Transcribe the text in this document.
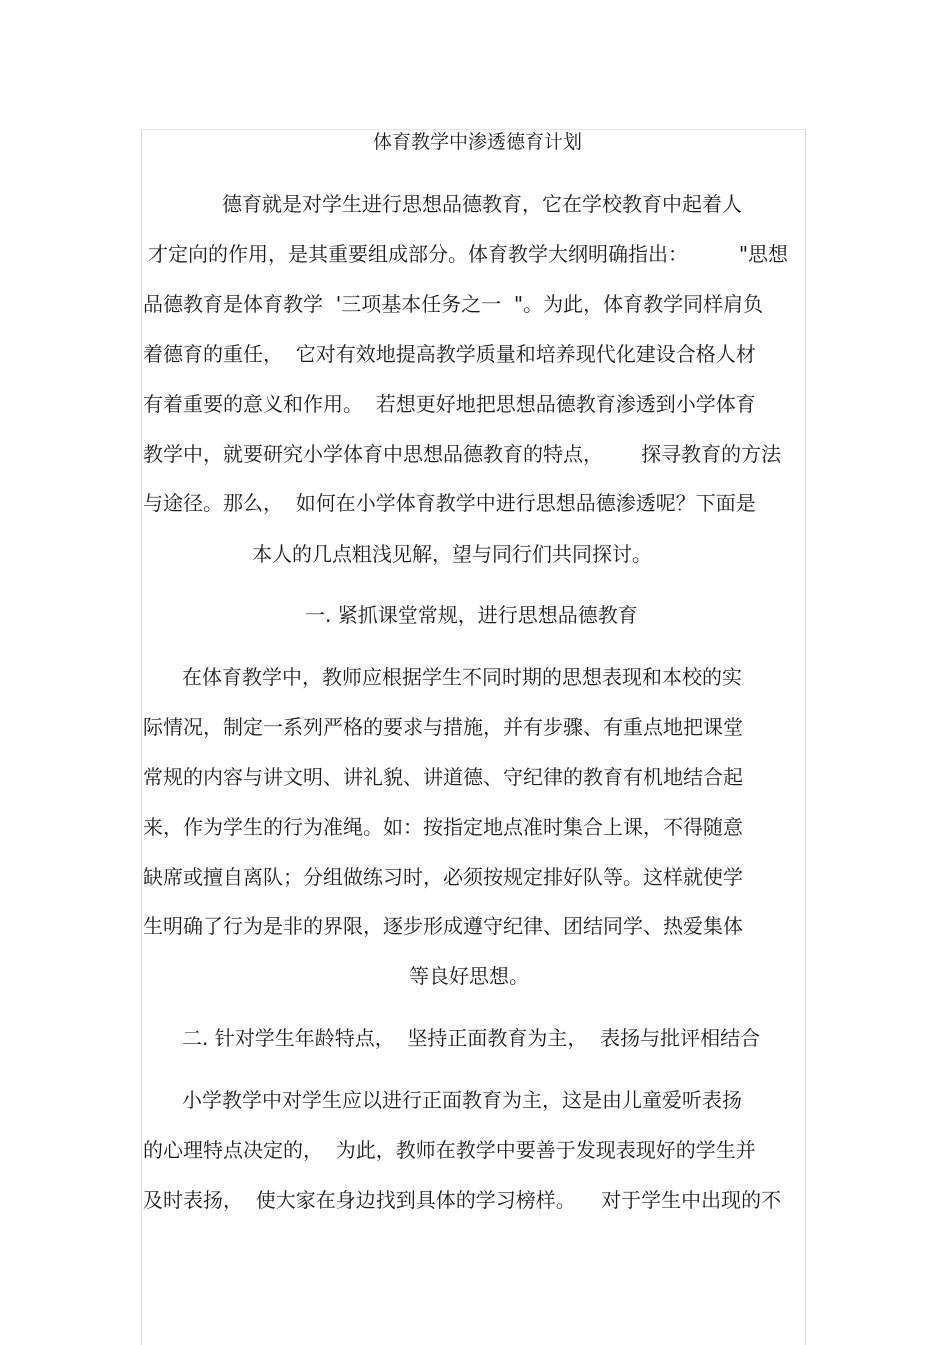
体育教学中渗透德育计划
德育就是对学生进行思想品德教育，它在学校教育中起着人
才定向的作用，是其重要组成部分。体育教学大纲明确指出：        "思想
品德教育是体育教学  '三项基本任务之一  "。为此，体育教学同样肩负
着德育的重任，  它对有效地提高教学质量和培养现代化建设合格人材
有着重要的意义和作用。  若想更好地把思想品德教育渗透到小学体育
教学中，就要研究小学体育中思想品德教育的特点，      探寻教育的方法
与途径。那么，  如何在小学体育教学中进行思想品德渗透呢？下面是
本人的几点粗浅见解，望与同行们共同探讨。
一. 紧抓课堂常规，进行思想品德教育
在体育教学中，教师应根据学生不同时期的思想表现和本校的实
际情况，制定一系列严格的要求与措施，并有步骤、有重点地把课堂
常规的内容与讲文明、讲礼貌、讲道德、守纪律的教育有机地结合起
来，作为学生的行为准绳。如：按指定地点准时集合上课，不得随意
缺席或擅自离队；分组做练习时，必须按规定排好队等。这样就使学
生明确了行为是非的界限，逐步形成遵守纪律、团结同学、热爱集体
等良好思想。
二. 针对学生年龄特点，  坚持正面教育为主，  表扬与批评相结合
小学教学中对学生应以进行正面教育为主，这是由儿童爱听表扬
的心理特点决定的，  为此，教师在教学中要善于发现表现好的学生并
及时表扬，  使大家在身边找到具体的学习榜样。    对于学生中出现的不
